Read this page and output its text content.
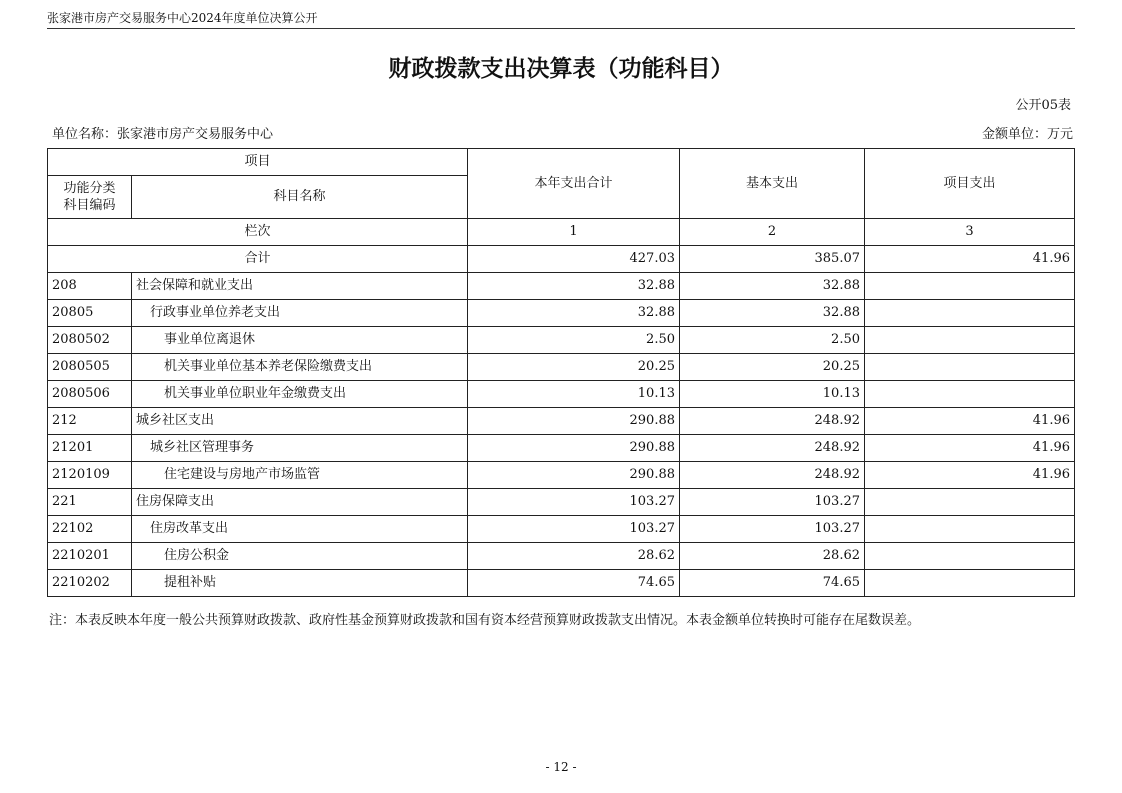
张家港市房产交易服务中心2024年度单位决算公开
财政拨款支出决算表（功能科目）
公开05表
单位名称：张家港市房产交易服务中心	金额单位：万元
项目		本年支出合计	基本支出	项目支出
功能分类
科目编码	科目名称			
栏次		1	2	3
合计		427.03	385.07	41.96
208	社会保障和就业支出	32.88	32.88	
20805	行政事业单位养老支出	32.88	32.88	
2080502	事业单位离退休	2.50	2.50	
2080505	机关事业单位基本养老保险缴费支出	20.25	20.25	
2080506	机关事业单位职业年金缴费支出	10.13	10.13	
212	城乡社区支出	290.88	248.92	41.96
21201	城乡社区管理事务	290.88	248.92	41.96
2120109	住宅建设与房地产市场监管	290.88	248.92	41.96
221	住房保障支出	103.27	103.27	
22102	住房改革支出	103.27	103.27	
2210201	住房公积金	28.62	28.62	
2210202	提租补贴	74.65	74.65	
注：本表反映本年度一般公共预算财政拨款、政府性基金预算财政拨款和国有资本经营预算财政拨款支出情况。本表金额单位转换时可能存在尾数误差。
- 12 -
